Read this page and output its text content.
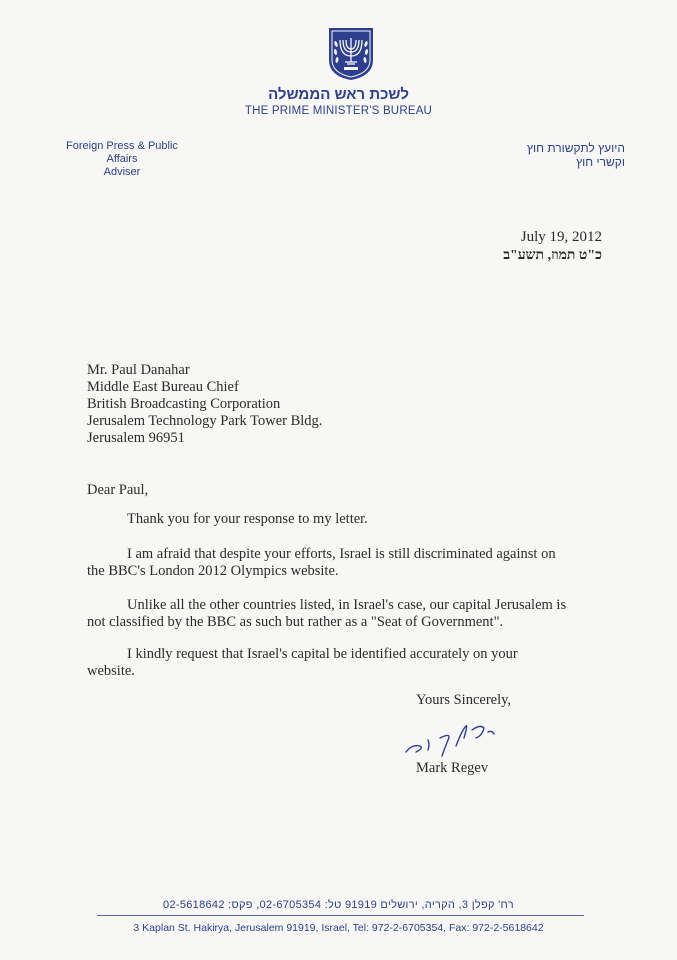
לשכת ראש הממשלה
THE PRIME MINISTER'S BUREAU
Foreign Press & Public Affairs
Adviser
היועץ לתקשורת חוץ
וקשרי חוץ
July 19, 2012
כ"ט תמוז, תשע"ב
Mr. Paul Danahar
Middle East Bureau Chief
British Broadcasting Corporation
Jerusalem Technology Park Tower Bldg.
Jerusalem 96951
Dear Paul,
Thank you for your response to my letter.
I am afraid that despite your efforts, Israel is still discriminated against on the BBC's London 2012 Olympics website.
Unlike all the other countries listed, in Israel's case, our capital Jerusalem is not classified by the BBC as such but rather as a "Seat of Government".
I kindly request that Israel's capital be identified accurately on your website.
Yours Sincerely,
Mark Regev
רח' קפלן 3, הקריה, ירושלים 91919 טל: 02-6705354, פקס: 02-5618642
3 Kaplan St. Hakirya, Jerusalem 91919, Israel, Tel: 972-2-6705354, Fax: 972-2-5618642
